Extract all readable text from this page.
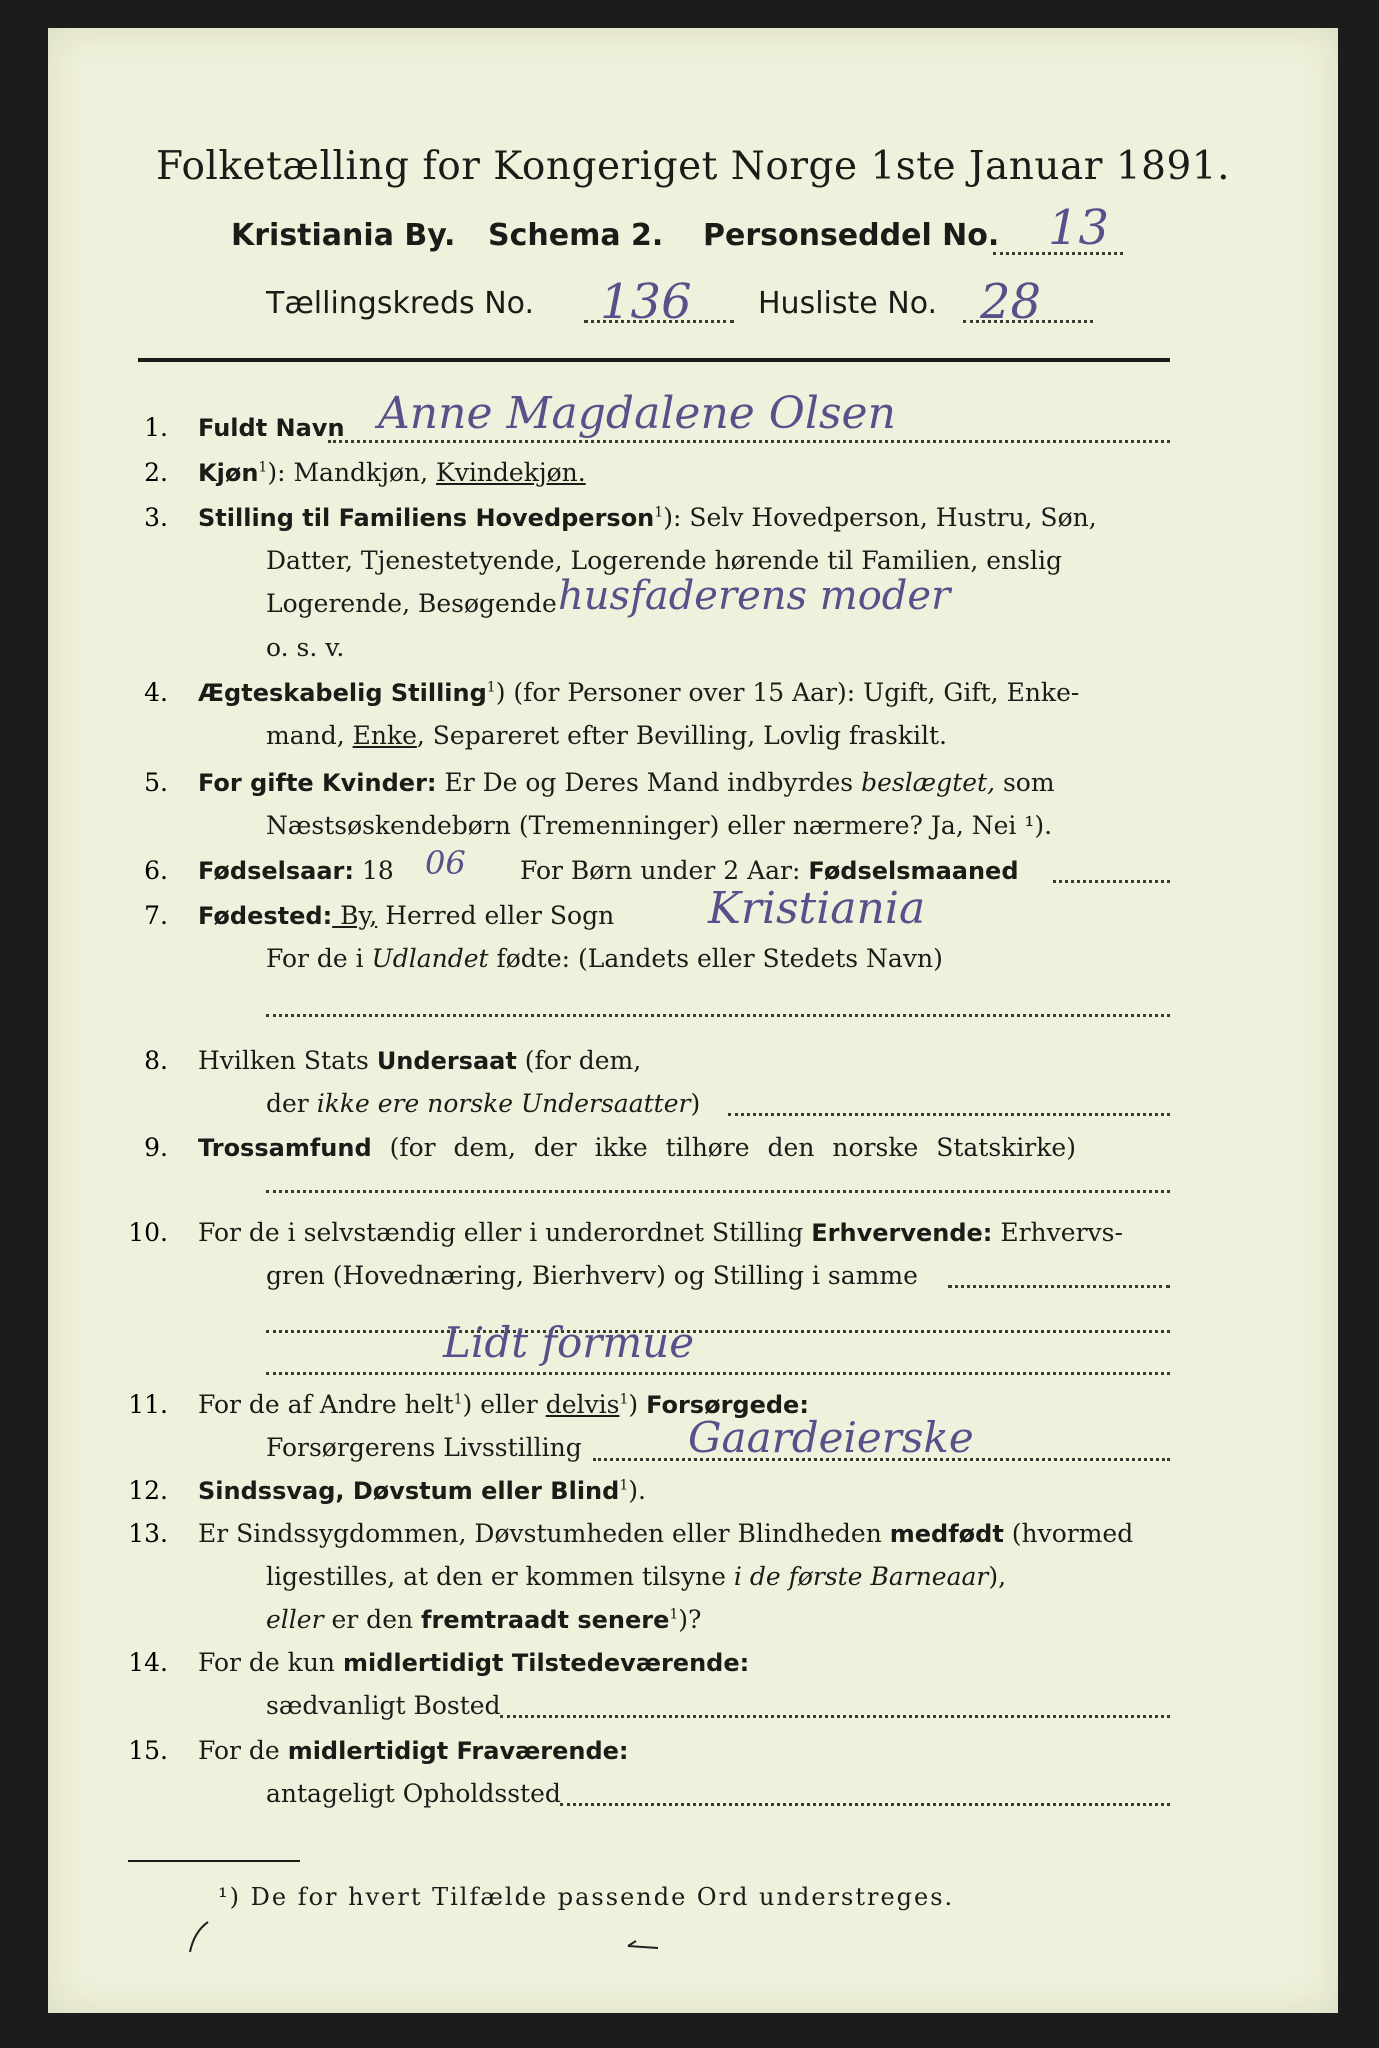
Folketælling for Kongeriget Norge 1ste Januar 1891.
Kristiania By. Schema 2. Personseddel No. 13
Tællingskreds No. 136 Husliste No. 28
1. Fuldt Navn Anne Magdalene Olsen
2. Kjøn$^1$): Mandkjøn, Kvindekjøn.
3. Stilling til Familiens Hovedperson$^1$): Selv Hovedperson, Hustru, Søn,
Datter, Tjenestetyende, Logerende hørende til Familien, enslig
Logerende, Besøgende husfaderens moder
o. s. v.
4. Ægteskabelig Stilling$^1$) (for Personer over 15 Aar): Ugift, Gift, Enke-
mand, Enke, Separeret efter Bevilling, Lovlig fraskilt.
5. For gifte Kvinder: Er De og Deres Mand indbyrdes beslægtet, som
Næstsøskendebørn (Tremenninger) eller nærmere? Ja, Nei ¹).
6. Fødselsaar: 18 06 For Børn under 2 Aar: Fødselsmaaned
7. Fødested: By, Herred eller Sogn Kristiania
For de i Udlandet fødte: (Landets eller Stedets Navn)
8. Hvilken Stats Undersaat (for dem,
der ikke ere norske Undersaatter)
9. Trossamfund (for dem, der ikke tilhøre den norske Statskirke)
10. For de i selvstændig eller i underordnet Stilling Erhvervende: Erhvervs-
gren (Hovednæring, Bierhverv) og Stilling i samme
Lidt formue
11. For de af Andre helt$^1$) eller delvis$^1$) Forsørgede:
Forsørgerens Livsstilling	Gaardeierske
12. Sindssvag, Døvstum eller Blind$^1$).
13. Er Sindssygdommen, Døvstumheden eller Blindheden medfødt (hvormed
ligestilles, at den er kommen tilsyne i de første Barneaar),
eller er den fremtraadt senere$^1$)?
14. For de kun midlertidigt Tilstedeværende:
sædvanligt Bosted
15. For de midlertidigt Fraværende:
antageligt Opholdssted
¹) De for hvert Tilfælde passende Ord understreges.
